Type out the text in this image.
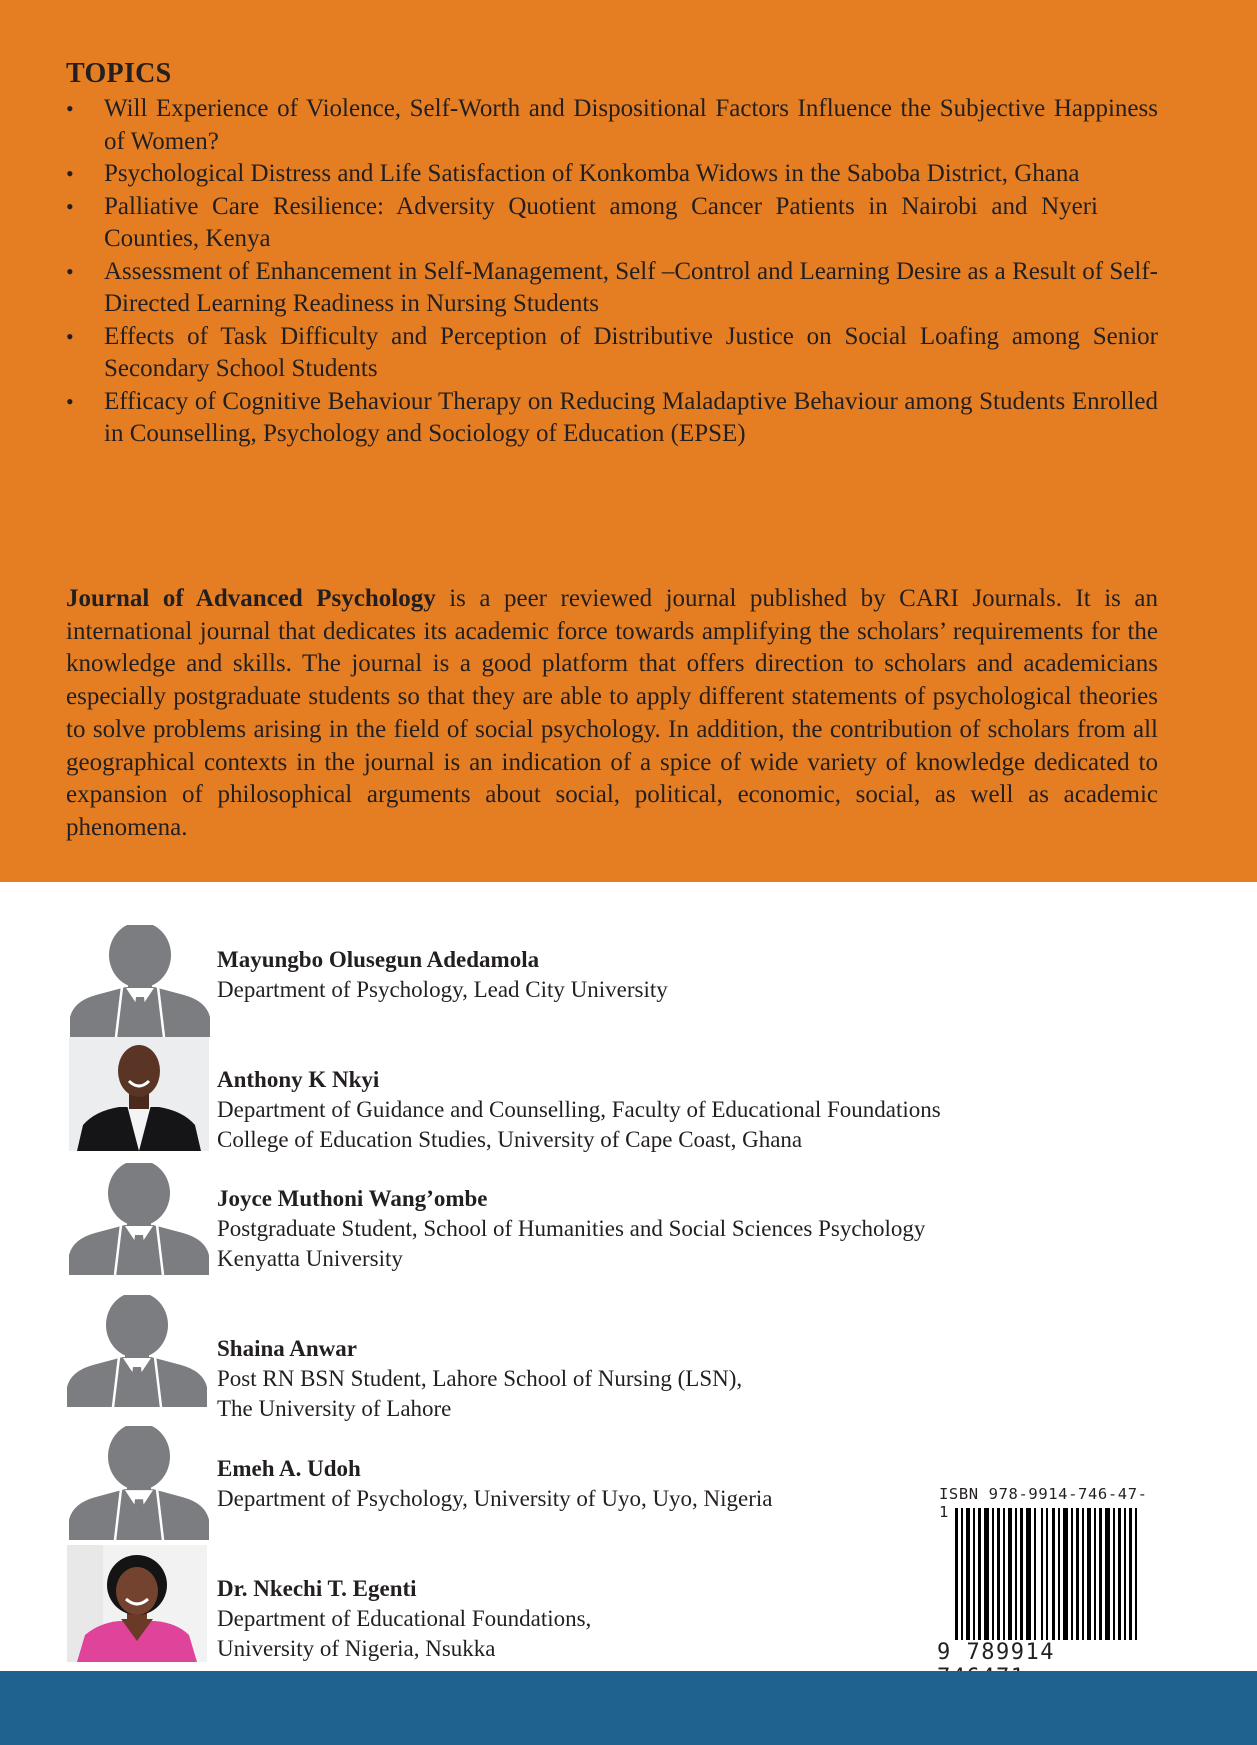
TOPICS
•	Will Experience of Violence, Self-Worth and Dispositional Factors Influence the Subjective Happiness of Women?
•	Psychological Distress and Life Satisfaction of Konkomba Widows in the Saboba District, Ghana
•	Palliative Care Resilience: Adversity Quotient among Cancer Patients in Nairobi and Nyeri Counties, Kenya
•	Assessment of Enhancement in Self-Management, Self –Control and Learning Desire as a Result of Self-Directed Learning Readiness in Nursing Students
•	Effects of Task Difficulty and Perception of Distributive Justice on Social Loafing among Senior Secondary School Students
•	Efficacy of Cognitive Behaviour Therapy on Reducing Maladaptive Behaviour among Students Enrolled in Counselling, Psychology and Sociology of Education (EPSE)

Journal of Advanced Psychology is a peer reviewed journal published by CARI Journals. It is an international journal that dedicates its academic force towards amplifying the scholars’ requirements for the knowledge and skills. The journal is a good platform that offers direction to scholars and academicians especially postgraduate students so that they are able to apply different statements of psychological theories to solve problems arising in the field of social psychology. In addition, the contribution of scholars from all geographical contexts in the journal is an indication of a spice of wide variety of knowledge dedicated to expansion of philosophical arguments about social, political, economic, social, as well as academic phenomena.

Mayungbo Olusegun Adedamola
Department of Psychology, Lead City University
Anthony K Nkyi
Department of Guidance and Counselling, Faculty of Educational Foundations
College of Education Studies, University of Cape Coast, Ghana
Joyce Muthoni Wang’ombe
Postgraduate Student, School of Humanities and Social Sciences Psychology
Kenyatta University
Shaina Anwar
Post RN BSN Student, Lahore School of Nursing (LSN),
The University of Lahore
Emeh A. Udoh
Department of Psychology, University of Uyo, Uyo, Nigeria
Dr. Nkechi T. Egenti
Department of Educational Foundations,
University of Nigeria, Nsukka
ISBN 978-9914-746-47-1
9 789914
